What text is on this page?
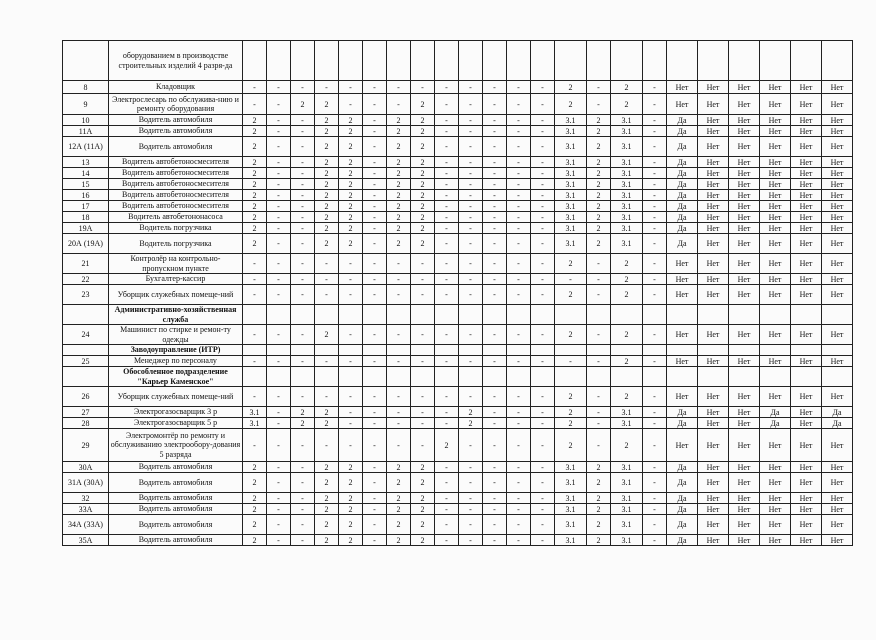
	оборудованием в производстве строительных изделий 4 разря-да																							
8	Кладовщик	-	-	-	-	-	-	-	-	-	-	-	-	-	2	-	2	-	Нет	Нет	Нет	Нет	Нет	Нет
9	Электрослесарь по обслужива-нию и ремонту оборудования	-	-	2	2	-	-	-	2	-	-	-	-	-	2	-	2	-	Нет	Нет	Нет	Нет	Нет	Нет
10	Водитель автомобиля	2	-	-	2	2	-	2	2	-	-	-	-	-	3.1	2	3.1	-	Да	Нет	Нет	Нет	Нет	Нет
11А	Водитель автомобиля	2	-	-	2	2	-	2	2	-	-	-	-	-	3.1	2	3.1	-	Да	Нет	Нет	Нет	Нет	Нет
12А (11А)	Водитель автомобиля	2	-	-	2	2	-	2	2	-	-	-	-	-	3.1	2	3.1	-	Да	Нет	Нет	Нет	Нет	Нет
13	Водитель автобетоносмесителя	2	-	-	2	2	-	2	2	-	-	-	-	-	3.1	2	3.1	-	Да	Нет	Нет	Нет	Нет	Нет
14	Водитель автобетоносмесителя	2	-	-	2	2	-	2	2	-	-	-	-	-	3.1	2	3.1	-	Да	Нет	Нет	Нет	Нет	Нет
15	Водитель автобетоносмесителя	2	-	-	2	2	-	2	2	-	-	-	-	-	3.1	2	3.1	-	Да	Нет	Нет	Нет	Нет	Нет
16	Водитель автобетоносмесителя	2	-	-	2	2	-	2	2	-	-	-	-	-	3.1	2	3.1	-	Да	Нет	Нет	Нет	Нет	Нет
17	Водитель автобетоносмесителя	2	-	-	2	2	-	2	2	-	-	-	-	-	3.1	2	3.1	-	Да	Нет	Нет	Нет	Нет	Нет
18	Водитель автобетононасоса	2	-	-	2	2	-	2	2	-	-	-	-	-	3.1	2	3.1	-	Да	Нет	Нет	Нет	Нет	Нет
19А	Водитель погрузчика	2	-	-	2	2	-	2	2	-	-	-	-	-	3.1	2	3.1	-	Да	Нет	Нет	Нет	Нет	Нет
20А (19А)	Водитель погрузчика	2	-	-	2	2	-	2	2	-	-	-	-	-	3.1	2	3.1	-	Да	Нет	Нет	Нет	Нет	Нет
21	Контролёр на контрольно-пропускном пункте	-	-	-	-	-	-	-	-	-	-	-	-	-	2	-	2	-	Нет	Нет	Нет	Нет	Нет	Нет
22	Бухгалтер-кассир	-	-	-	-	-	-	-	-	-	-	-	-	-	-	-	2	-	Нет	Нет	Нет	Нет	Нет	Нет
23	Уборщик служебных помеще-ний	-	-	-	-	-	-	-	-	-	-	-	-	-	2	-	2	-	Нет	Нет	Нет	Нет	Нет	Нет
	Административно-хозяйственная служба																							
24	Машинист по стирке и ремон-ту одежды	-	-	-	2	-	-	-	-	-	-	-	-	-	2	-	2	-	Нет	Нет	Нет	Нет	Нет	Нет
	Заводоуправление (ИТР)																							
25	Менеджер по персоналу	-	-	-	-	-	-	-	-	-	-	-	-	-	-	-	2	-	Нет	Нет	Нет	Нет	Нет	Нет
	Обособленное подразделение "Карьер Каменское"																							
26	Уборщик служебных помеще-ний	-	-	-	-	-	-	-	-	-	-	-	-	-	2	-	2	-	Нет	Нет	Нет	Нет	Нет	Нет
27	Электрогазосварщик 3 р	3.1	-	2	2	-	-	-	-	-	2	-	-	-	2	-	3.1	-	Да	Нет	Нет	Да	Нет	Да
28	Электрогазосварщик 5 р	3.1	-	2	2	-	-	-	-	-	2	-	-	-	2	-	3.1	-	Да	Нет	Нет	Да	Нет	Да
29	Электромонтёр по ремонту и обслуживанию электрообору-дования 5 разряда	-	-	-	-	-	-	-	-	2	-	-	-	-	2	-	2	-	Нет	Нет	Нет	Нет	Нет	Нет
30А	Водитель автомобиля	2	-	-	2	2	-	2	2	-	-	-	-	-	3.1	2	3.1	-	Да	Нет	Нет	Нет	Нет	Нет
31А (30А)	Водитель автомобиля	2	-	-	2	2	-	2	2	-	-	-	-	-	3.1	2	3.1	-	Да	Нет	Нет	Нет	Нет	Нет
32	Водитель автомобиля	2	-	-	2	2	-	2	2	-	-	-	-	-	3.1	2	3.1	-	Да	Нет	Нет	Нет	Нет	Нет
33А	Водитель автомобиля	2	-	-	2	2	-	2	2	-	-	-	-	-	3.1	2	3.1	-	Да	Нет	Нет	Нет	Нет	Нет
34А (33А)	Водитель автомобиля	2	-	-	2	2	-	2	2	-	-	-	-	-	3.1	2	3.1	-	Да	Нет	Нет	Нет	Нет	Нет
35А	Водитель автомобиля	2	-	-	2	2	-	2	2	-	-	-	-	-	3.1	2	3.1	-	Да	Нет	Нет	Нет	Нет	Нет
